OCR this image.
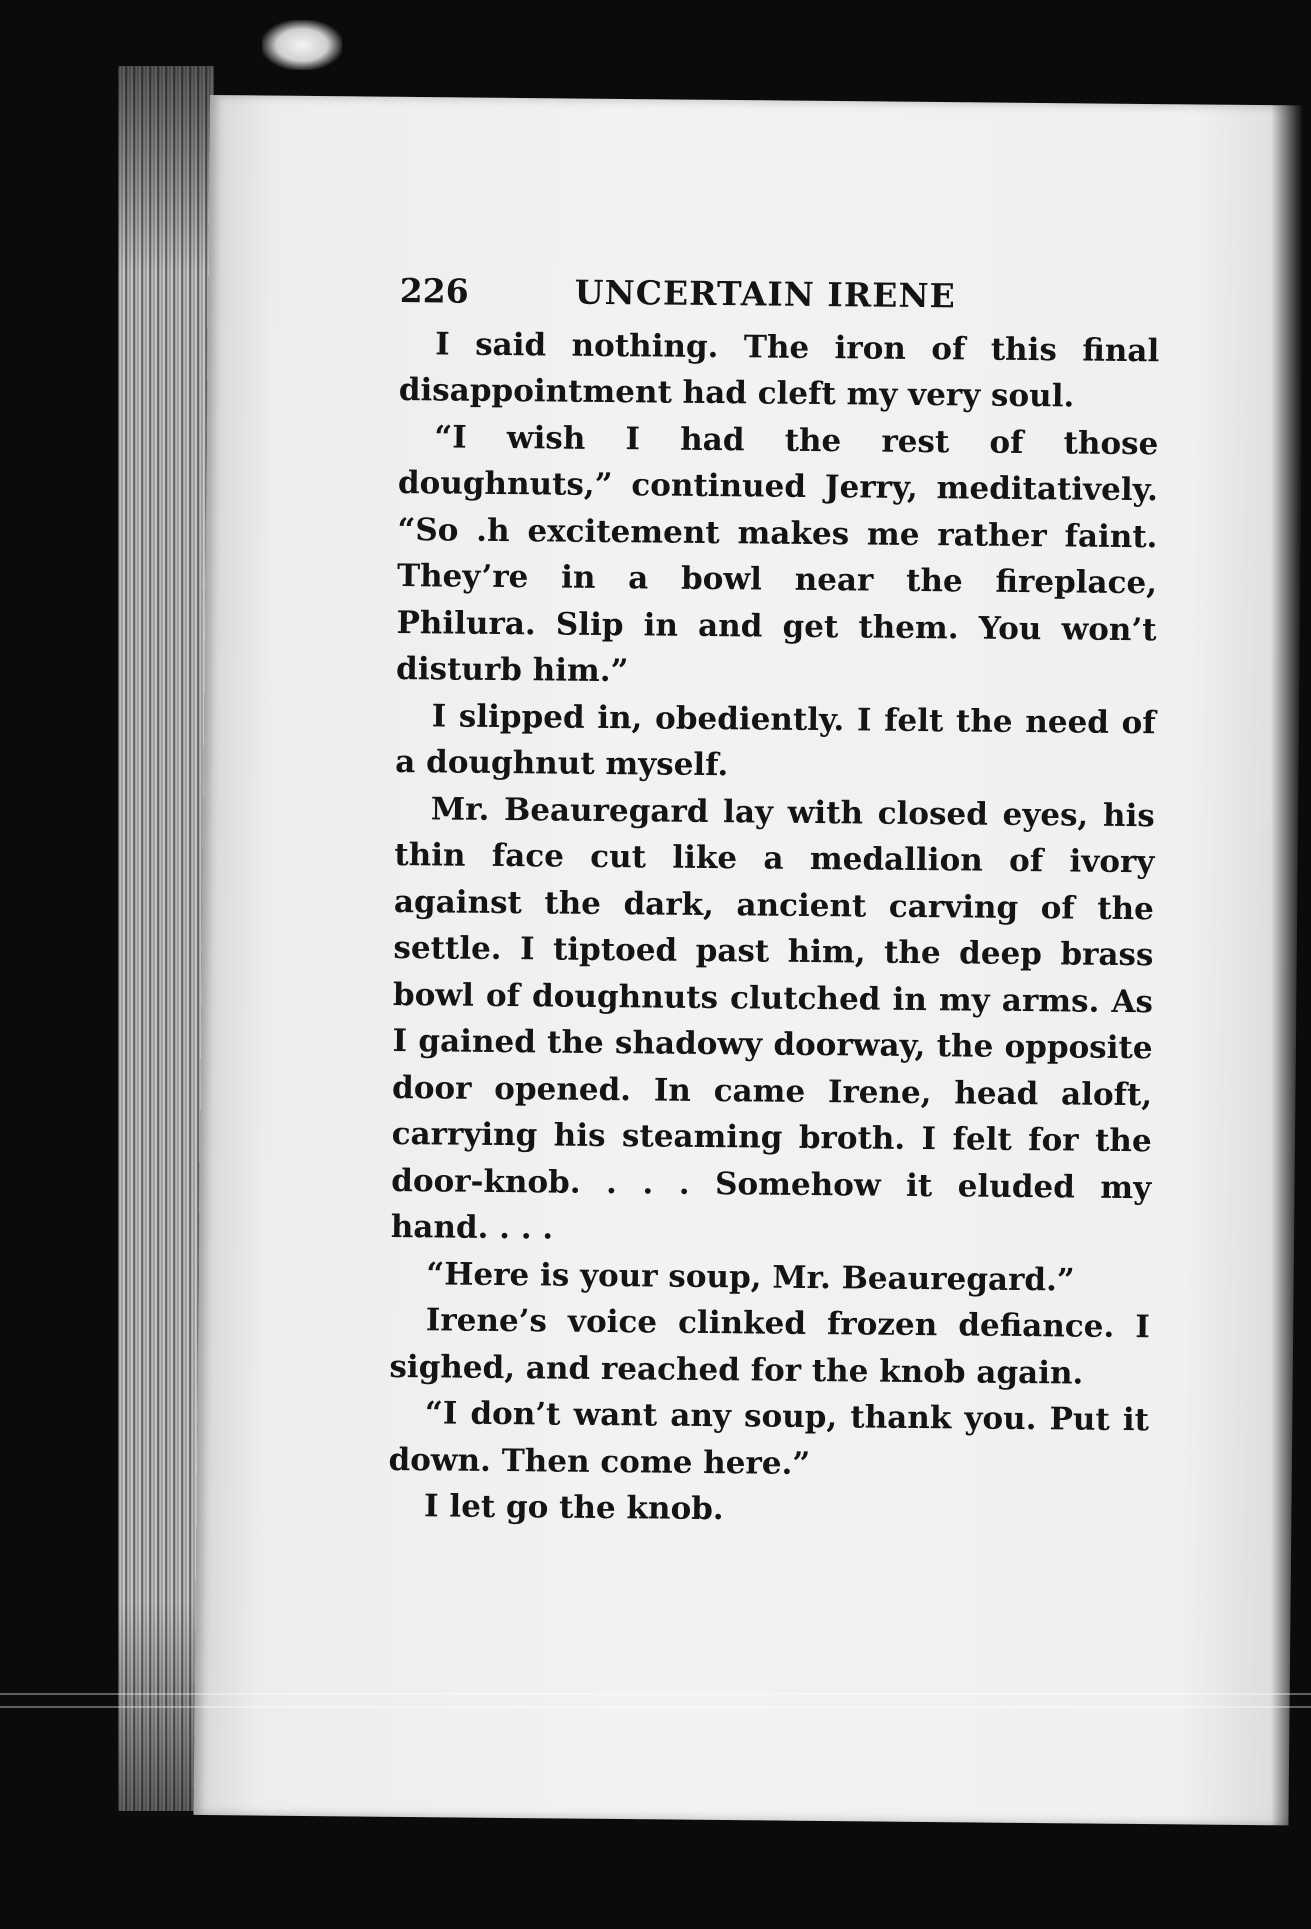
226	UNCERTAIN IRENE

I said nothing. The iron of this final disappointment had cleft my very soul.

“I wish I had the rest of those doughnuts,” continued Jerry, meditatively. “So .h excitement makes me rather faint. They’re in a bowl near the fireplace, Philura. Slip in and get them. You won’t disturb him.”

I slipped in, obediently. I felt the need of a doughnut myself.

Mr. Beauregard lay with closed eyes, his thin face cut like a medallion of ivory against the dark, ancient carving of the settle. I tiptoed past him, the deep brass bowl of doughnuts clutched in my arms. As I gained the shadowy doorway, the opposite door opened. In came Irene, head aloft, carrying his steaming broth. I felt for the door-knob. . . . Somehow it eluded my hand. . . .

“Here is your soup, Mr. Beauregard.”

Irene’s voice clinked frozen defiance. I sighed, and reached for the knob again.

“I don’t want any soup, thank you. Put it down. Then come here.”

I let go the knob.
